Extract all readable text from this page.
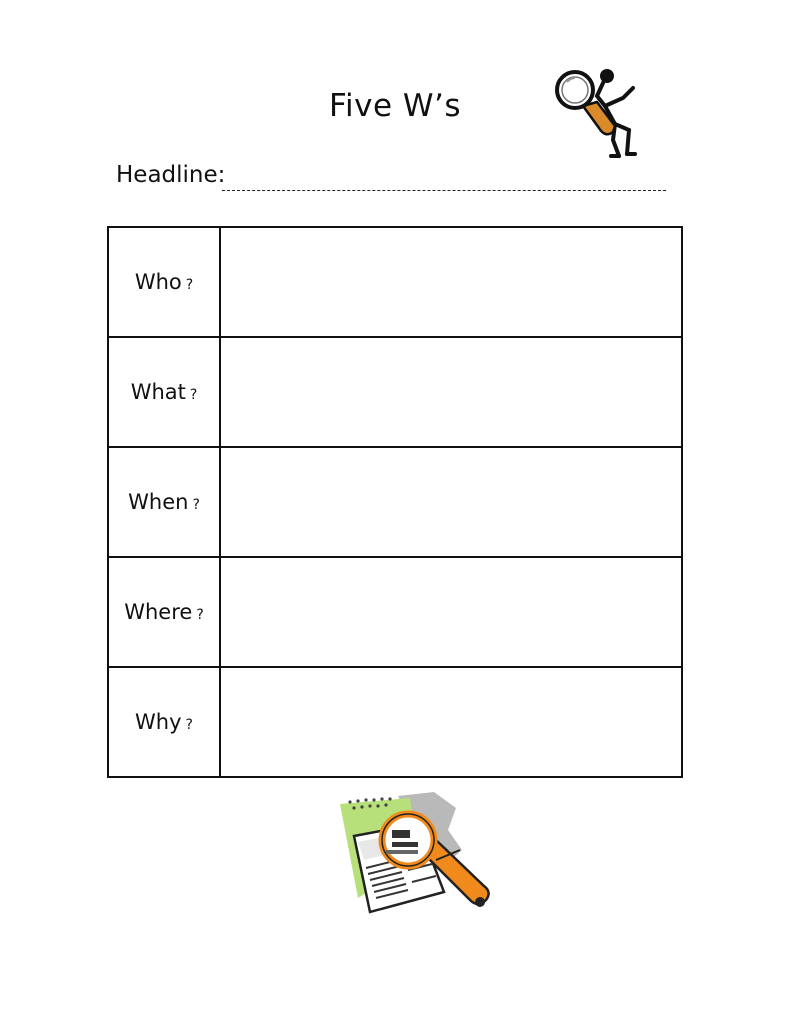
Five W’s
Headline:
Who ?	
What ?	
When ?	
Where ?	
Why ?	
